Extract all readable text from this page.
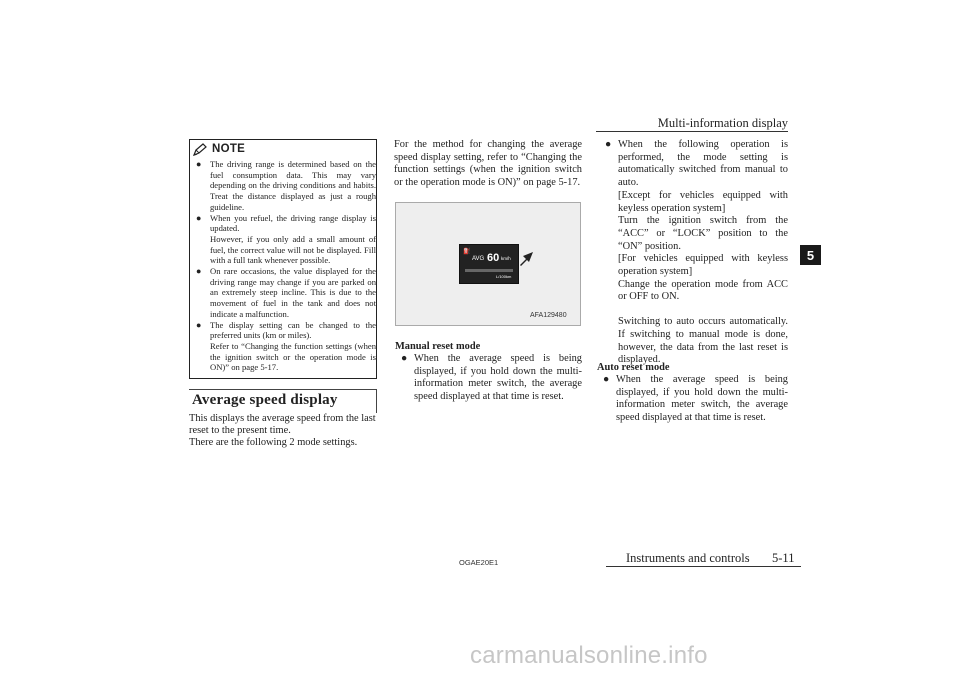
Multi-information display
5
NOTE
● The driving range is determined based on the fuel consumption data. This may vary depending on the driving conditions and habits. Treat the distance displayed as just a rough guideline.
● When you refuel, the driving range display is updated.
However, if you only add a small amount of fuel, the correct value will not be displayed. Fill with a full tank whenever possible.
● On rare occasions, the value displayed for the driving range may change if you are parked on an extremely steep incline. This is due to the movement of fuel in the tank and does not indicate a malfunction.
● The display setting can be changed to the preferred units (km or miles).
Refer to “Changing the function settings (when the ignition switch or the operation mode is ON)” on page 5-17.
Average speed display

This displays the average speed from the last reset to the present time.

There are the following 2 mode settings.

For the method for changing the average speed display setting, refer to “Changing the function settings (when the ignition switch or the operation mode is ON)” on page 5-17.

⛽
AVG 60 km/h
L/100km
AFA129480
Manual reset mode
● When the average speed is being displayed, if you hold down the multi-information meter switch, the average speed displayed at that time is reset.

● When the following operation is performed, the mode setting is automatically switched from manual to auto.

[Except for vehicles equipped with keyless operation system]

Turn the ignition switch from the “ACC” or “LOCK” position to the “ON” position.

[For vehicles equipped with keyless operation system]

Change the operation mode from ACC or OFF to ON.

Switching to auto occurs automatically. If switching to manual mode is done, however, the data from the last reset is displayed.

Auto reset mode
● When the average speed is being displayed, if you hold down the multi-information meter switch, the average speed displayed at that time is reset.

OGAE20E1	Instruments and controls 5-11
carmanualsonline.info
